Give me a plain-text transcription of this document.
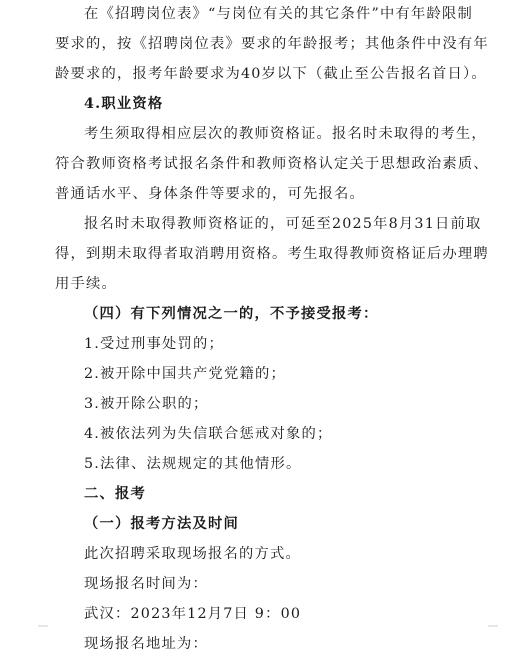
在《招聘岗位表》“与岗位有关的其它条件”中有年龄限制
要求的，按《招聘岗位表》要求的年龄报考；其他条件中没有年
龄要求的，报考年龄要求为40岁以下（截止至公告报名首日）。
4.职业资格
考生须取得相应层次的教师资格证。报名时未取得的考生，
符合教师资格考试报名条件和教师资格认定关于思想政治素质、
普通话水平、身体条件等要求的，可先报名。
报名时未取得教师资格证的，可延至2025年8月31日前取
得，到期未取得者取消聘用资格。考生取得教师资格证后办理聘
用手续。
（四）有下列情况之一的，不予接受报考：
1.受过刑事处罚的；
2.被开除中国共产党党籍的；
3.被开除公职的；
4.被依法列为失信联合惩戒对象的；
5.法律、法规规定的其他情形。
二、报考
（一）报考方法及时间
此次招聘采取现场报名的方式。
现场报名时间为：
武汉：2023年12月7日 9：00
现场报名地址为：
